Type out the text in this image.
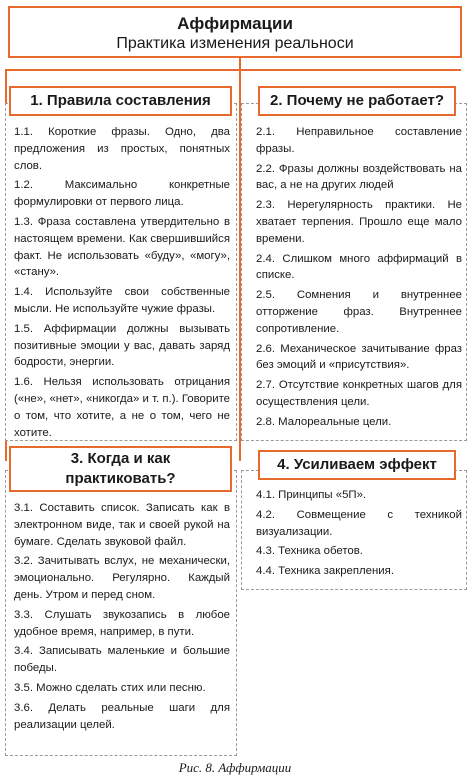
Аффирмации
Практика изменения реальноси
1. Правила составления
1.1. Короткие фразы. Одно, два предложения из простых, понятных слов.
1.2. Максимально конкретные формулировки от первого лица.
1.3. Фраза составлена утвердительно в настоящем времени. Как свершившийся факт. Не использовать «буду», «могу», «стану».
1.4. Используйте свои собственные мысли. Не используйте чужие фразы.
1.5. Аффирмации должны вызывать позитивные эмоции у вас, давать заряд бодрости, энергии.
1.6. Нельзя использовать отрицания («не», «нет», «никогда» и т. п.). Говорите о том, что хотите, а не о том, чего не хотите.
2. Почему не работает?
2.1. Неправильное составление фразы.
2.2. Фразы должны воздействовать на вас, а не на других людей
2.3. Нерегулярность практики. Не хватает терпения. Прошло еще мало времени.
2.4. Слишком много аффирмаций в списке.
2.5. Сомнения и внутреннее отторжение фраз. Внутреннее сопротивление.
2.6. Механическое зачитывание фраз без эмоций и «присутствия».
2.7. Отсутствие конкретных шагов для осуществления цели.
2.8. Малореальные цели.
3. Когда и как практиковать?
3.1. Составить список. Записать как в электронном виде, так и своей рукой на бумаге. Сделать звуковой файл.
3.2. Зачитывать вслух, не механически, эмоционально. Регулярно. Каждый день. Утром и перед сном.
3.3. Слушать звукозапись в любое удобное время, например, в пути.
3.4. Записывать маленькие и большие победы.
3.5. Можно сделать стих или песню.
3.6. Делать реальные шаги для реализации целей.
4. Усиливаем эффект
4.1. Принципы «5П».
4.2. Совмещение с техникой визуализации.
4.3. Техника обетов.
4.4. Техника закрепления.
Рис. 8. Аффирмации
